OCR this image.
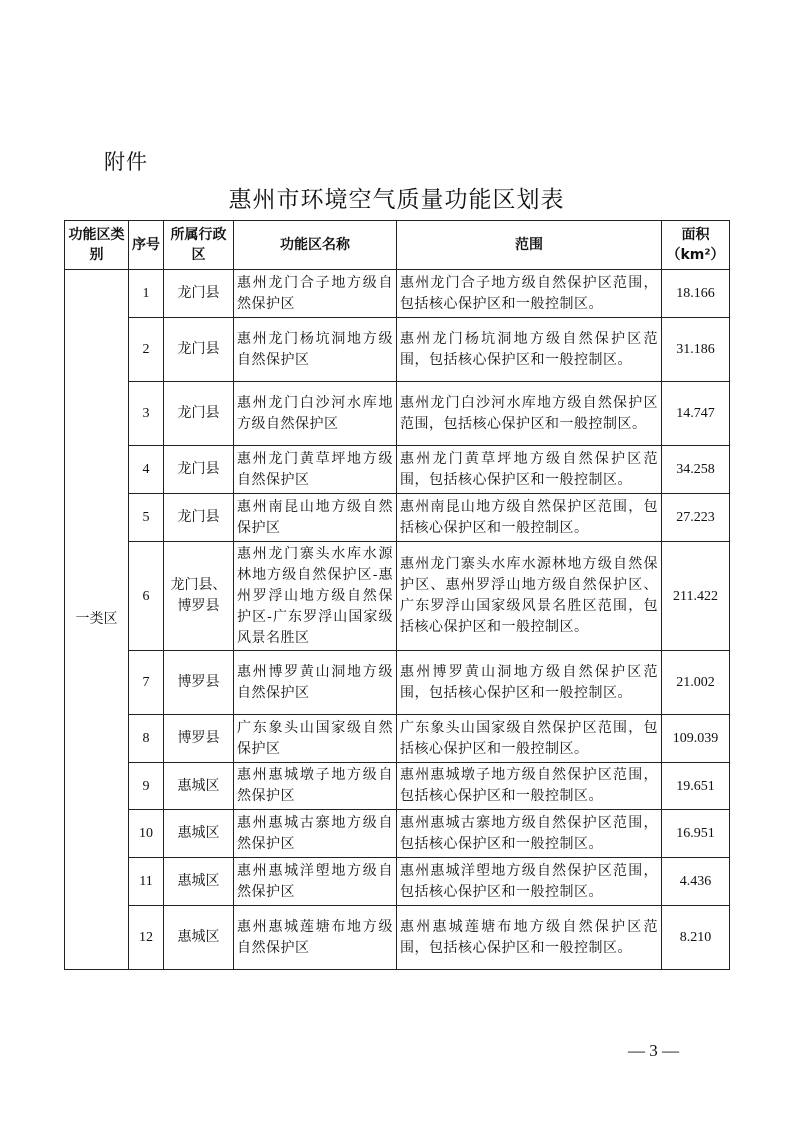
附件
惠州市环境空气质量功能区划表
功能区类别	序号	所属行政区	功能区名称	范围	面积（km²）
一类区	1	龙门县	惠州龙门合子地方级自然保护区	惠州龙门合子地方级自然保护区范围，包括核心保护区和一般控制区。	18.166
	2	龙门县	惠州龙门杨坑洞地方级自然保护区	惠州龙门杨坑洞地方级自然保护区范围，包括核心保护区和一般控制区。	31.186
	3	龙门县	惠州龙门白沙河水库地方级自然保护区	惠州龙门白沙河水库地方级自然保护区范围，包括核心保护区和一般控制区。	14.747
	4	龙门县	惠州龙门黄草坪地方级自然保护区	惠州龙门黄草坪地方级自然保护区范围，包括核心保护区和一般控制区。	34.258
	5	龙门县	惠州南昆山地方级自然保护区	惠州南昆山地方级自然保护区范围，包括核心保护区和一般控制区。	27.223
	6	龙门县、博罗县	惠州龙门寨头水库水源林地方级自然保护区-惠州罗浮山地方级自然保护区-广东罗浮山国家级风景名胜区	惠州龙门寨头水库水源林地方级自然保护区、惠州罗浮山地方级自然保护区、广东罗浮山国家级风景名胜区范围，包括核心保护区和一般控制区。	211.422
	7	博罗县	惠州博罗黄山洞地方级自然保护区	惠州博罗黄山洞地方级自然保护区范围，包括核心保护区和一般控制区。	21.002
	8	博罗县	广东象头山国家级自然保护区	广东象头山国家级自然保护区范围，包括核心保护区和一般控制区。	109.039
	9	惠城区	惠州惠城墩子地方级自然保护区	惠州惠城墩子地方级自然保护区范围，包括核心保护区和一般控制区。	19.651
	10	惠城区	惠州惠城古寨地方级自然保护区	惠州惠城古寨地方级自然保护区范围，包括核心保护区和一般控制区。	16.951
	11	惠城区	惠州惠城洋塱地方级自然保护区	惠州惠城洋塱地方级自然保护区范围，包括核心保护区和一般控制区。	4.436
	12	惠城区	惠州惠城莲塘布地方级自然保护区	惠州惠城莲塘布地方级自然保护区范围，包括核心保护区和一般控制区。	8.210
— 3 —
